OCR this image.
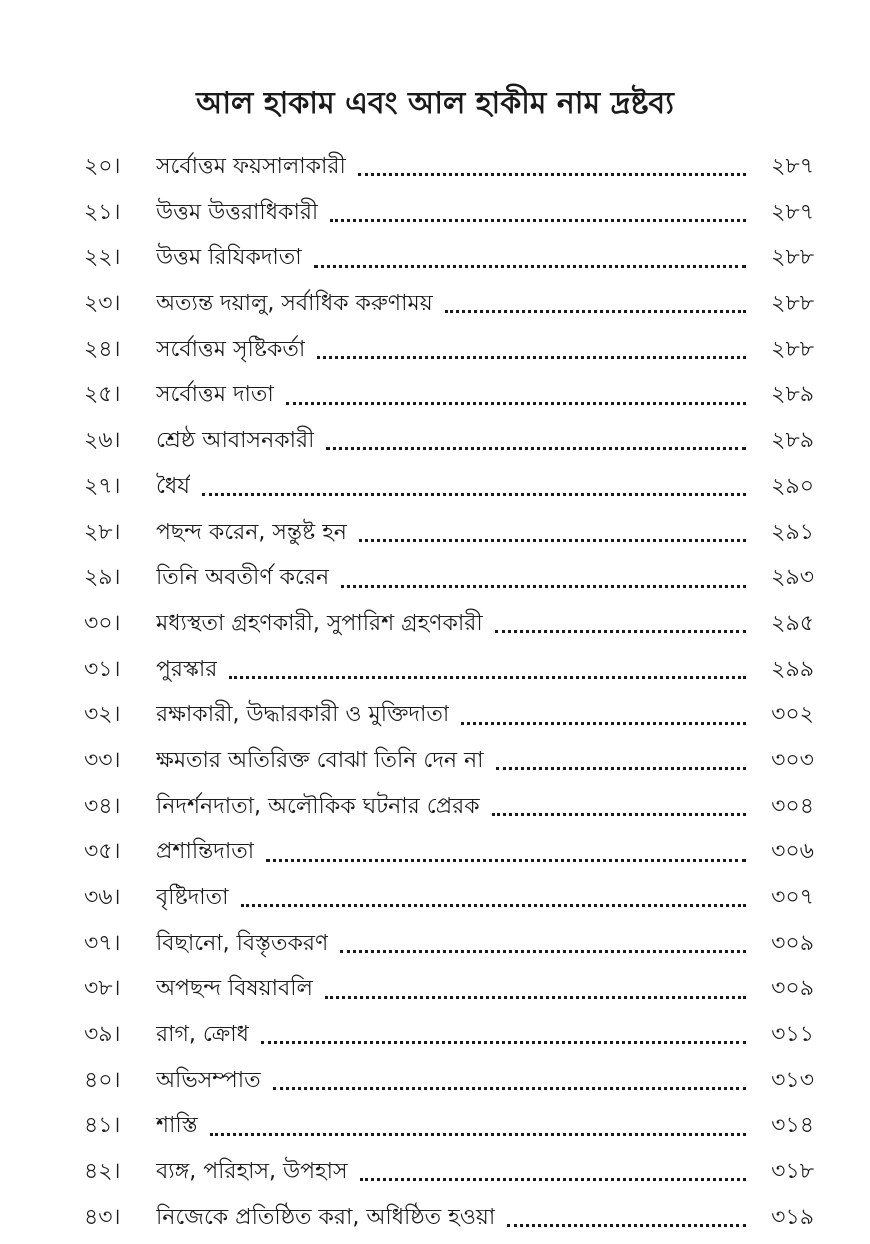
আল হাকাম এবং আল হাকীম নাম দ্রষ্টব্য
২০।	সর্বোত্তম ফয়সালাকারী	২৮৭
২১।	উত্তম উত্তরাধিকারী	২৮৭
২২।	উত্তম রিযিকদাতা	২৮৮
২৩।	অত্যন্ত দয়ালু, সর্বাধিক করুণাময়	২৮৮
২৪।	সর্বোত্তম সৃষ্টিকর্তা	২৮৮
২৫।	সর্বোত্তম দাতা	২৮৯
২৬।	শ্রেষ্ঠ আবাসনকারী	২৮৯
২৭।	ধৈর্য	২৯০
২৮।	পছন্দ করেন, সন্তুষ্ট হন	২৯১
২৯।	তিনি অবতীর্ণ করেন	২৯৩
৩০।	মধ্যস্থতা গ্রহণকারী, সুপারিশ গ্রহণকারী	২৯৫
৩১।	পুরস্কার	২৯৯
৩২।	রক্ষাকারী, উদ্ধারকারী ও মুক্তিদাতা	৩০২
৩৩।	ক্ষমতার অতিরিক্ত বোঝা তিনি দেন না	৩০৩
৩৪।	নিদর্শনদাতা, অলৌকিক ঘটনার প্রেরক	৩০৪
৩৫।	প্রশান্তিদাতা	৩০৬
৩৬।	বৃষ্টিদাতা	৩০৭
৩৭।	বিছানো, বিস্তৃতকরণ	৩০৯
৩৮।	অপছন্দ বিষয়াবলি	৩০৯
৩৯।	রাগ, ক্রোধ	৩১১
৪০।	অভিসম্পাত	৩১৩
৪১।	শাস্তি	৩১৪
৪২।	ব্যঙ্গ, পরিহাস, উপহাস	৩১৮
৪৩।	নিজেকে প্রতিষ্ঠিত করা, অধিষ্ঠিত হওয়া	৩১৯
